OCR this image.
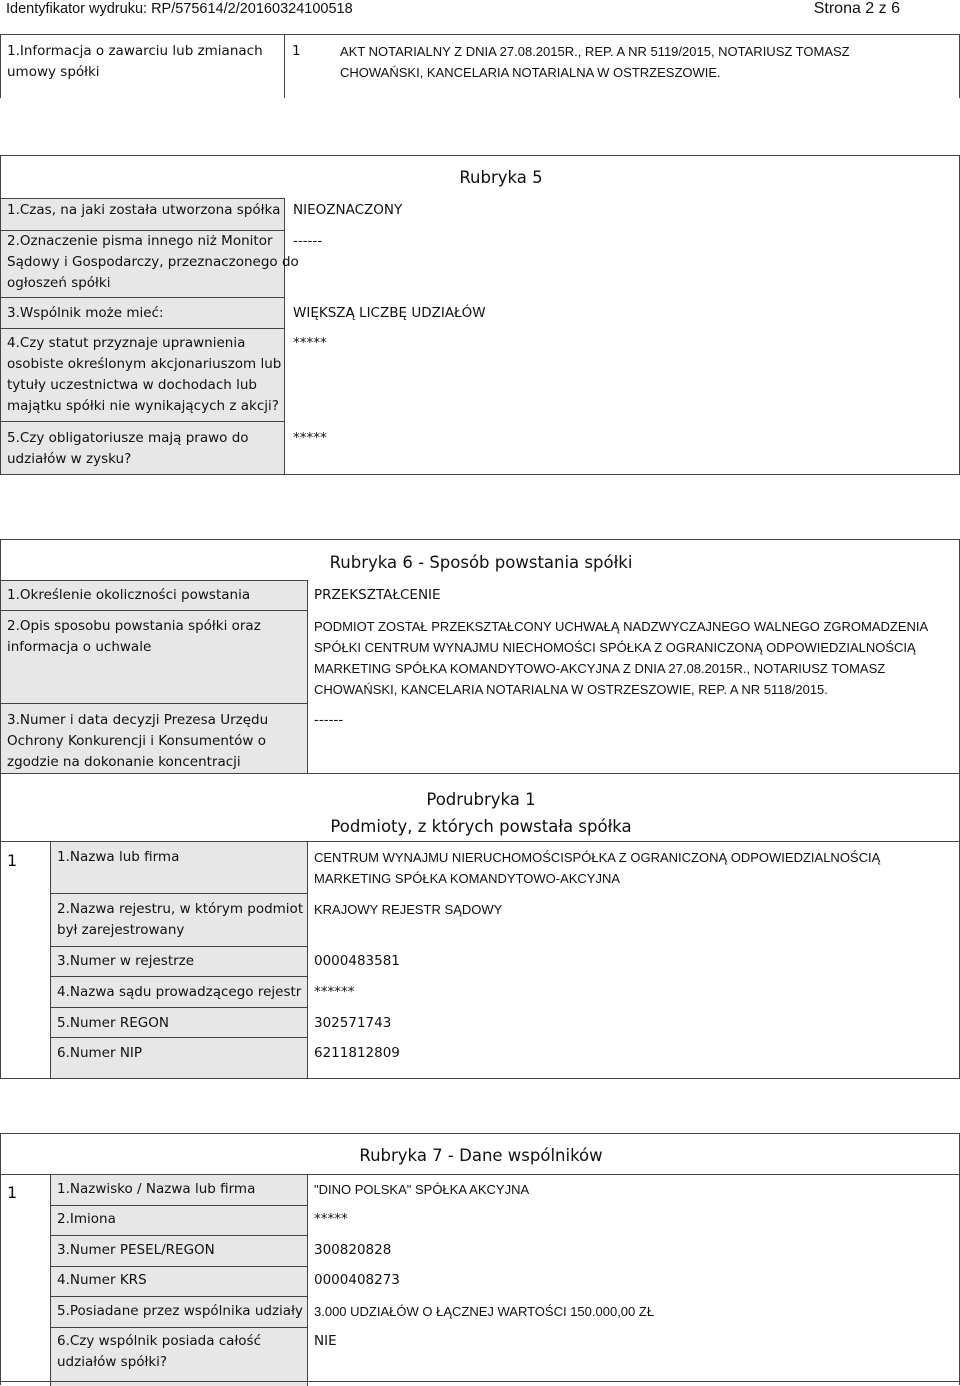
Identyfikator wydruku: RP/575614/2/20160324100518	Strona 2 z 6
1.Informacja o zawarciu lub zmianach
umowy spółki
1	AKT NOTARIALNY Z DNIA 27.08.2015R., REP. A NR 5119/2015, NOTARIUSZ TOMASZ
CHOWAŃSKI, KANCELARIA NOTARIALNA W OSTRZESZOWIE.
Rubryka 5
1.Czas, na jaki została utworzona spółka NIEOZNACZONY
2.Oznaczenie pisma innego niż Monitor
Sądowy i Gospodarczy, przeznaczonego do
ogłoszeń spółki
------
3.Wspólnik może mieć:	WIĘKSZĄ LICZBĘ UDZIAŁÓW
4.Czy statut przyznaje uprawnienia
osobiste określonym akcjonariuszom lub
tytuły uczestnictwa w dochodach lub
majątku spółki nie wynikających z akcji?
*****
5.Czy obligatoriusze mają prawo do
udziałów w zysku?
*****
Rubryka 6 - Sposób powstania spółki
1.Określenie okoliczności powstania	PRZEKSZTAŁCENIE
2.Opis sposobu powstania spółki oraz
informacja o uchwale
PODMIOT ZOSTAŁ PRZEKSZTAŁCONY UCHWAŁĄ NADZWYCZAJNEGO WALNEGO ZGROMADZENIA
SPÓŁKI CENTRUM WYNAJMU NIECHOMOŚCI SPÓŁKA Z OGRANICZONĄ ODPOWIEDZIALNOŚCIĄ
MARKETING SPÓŁKA KOMANDYTOWO-AKCYJNA Z DNIA 27.08.2015R., NOTARIUSZ TOMASZ
CHOWAŃSKI, KANCELARIA NOTARIALNA W OSTRZESZOWIE, REP. A NR 5118/2015.
3.Numer i data decyzji Prezesa Urzędu
Ochrony Konkurencji i Konsumentów o
zgodzie na dokonanie koncentracji
------
Podrubryka 1
Podmioty, z których powstała spółka
1	1.Nazwa lub firma	CENTRUM WYNAJMU NIERUCHOMOŚCISPÓŁKA Z OGRANICZONĄ ODPOWIEDZIALNOŚCIĄ
MARKETING SPÓŁKA KOMANDYTOWO-AKCYJNA
2.Nazwa rejestru, w którym podmiot
był zarejestrowany
KRAJOWY REJESTR SĄDOWY
3.Numer w rejestrze	0000483581
4.Nazwa sądu prowadzącego rejestr ******
5.Numer REGON	302571743
6.Numer NIP	6211812809
Rubryka 7 - Dane wspólników
1	1.Nazwisko / Nazwa lub firma	"DINO POLSKA" SPÓŁKA AKCYJNA
2.Imiona	*****
3.Numer PESEL/REGON	300820828
4.Numer KRS	0000408273
5.Posiadane przez wspólnika udziały 3.000 UDZIAŁÓW O ŁĄCZNEJ WARTOŚCI 150.000,00 ZŁ
6.Czy wspólnik posiada całość
udziałów spółki?
NIE
